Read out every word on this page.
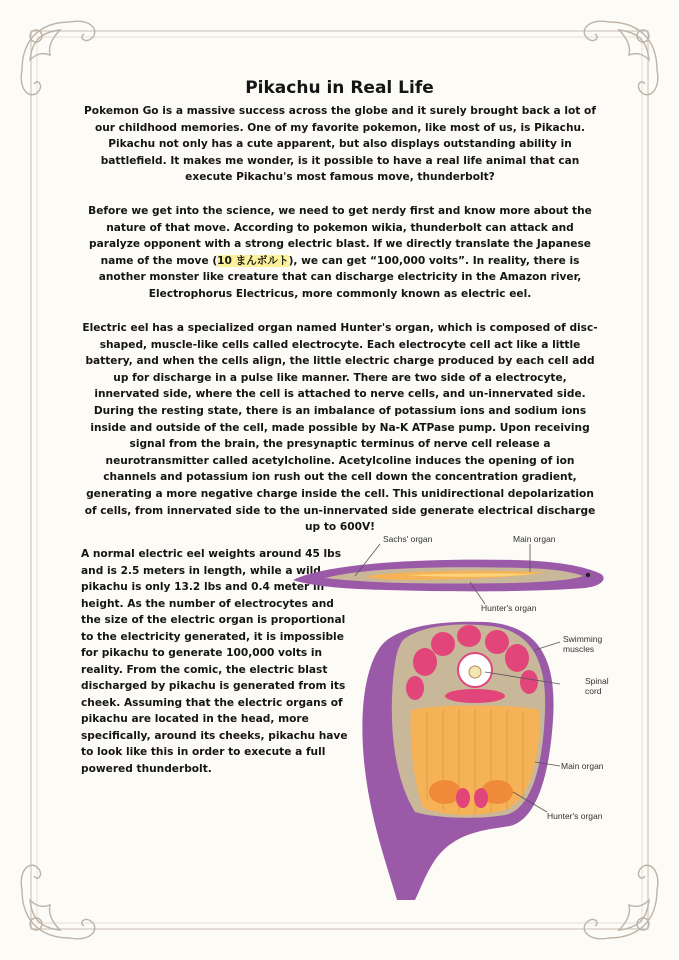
Pikachu in Real Life

Pokemon Go is a massive success across the globe and it surely brought back a lot of our childhood memories. One of my favorite pokemon, like most of us, is Pikachu. Pikachu not only has a cute apparent, but also displays outstanding ability in battlefield. It makes me wonder, is it possible to have a real life animal that can execute Pikachu's most famous move, thunderbolt?

Before we get into the science, we need to get nerdy first and know more about the nature of that move. According to pokemon wikia, thunderbolt can attack and paralyze opponent with a strong electric blast. If we directly translate the Japanese name of the move (10 まんボルト), we can get “100,000 volts”. In reality, there is another monster like creature that can discharge electricity in the Amazon river, Electrophorus Electricus, more commonly known as electric eel.

Electric eel has a specialized organ named Hunter's organ, which is composed of disc-shaped, muscle-like cells called electrocyte. Each electrocyte cell act like a little battery, and when the cells align, the little electric charge produced by each cell add up for discharge in a pulse like manner. There are two side of a electrocyte, innervated side, where the cell is attached to nerve cells, and un-innervated side. During the resting state, there is an imbalance of potassium ions and sodium ions inside and outside of the cell, made possible by Na-K ATPase pump. Upon receiving signal from the brain, the presynaptic terminus of nerve cell release a neurotransmitter called acetylcholine. Acetylcoline induces the opening of ion channels and potassium ion rush out the cell down the concentration gradient, generating a more negative charge inside the cell. This unidirectional depolarization of cells, from innervated side to the un-innervated side generate electrical discharge up to 600V!

A normal electric eel weights around 45 lbs and is 2.5 meters in length, while a wild pikachu is only 13.2 lbs and 0.4 meter in height. As the number of electrocytes and the size of the electric organ is proportional to the electricity generated, it is impossible for pikachu to generate 100,000 volts in reality. From the comic, the electric blast discharged by pikachu is generated from its cheek. Assuming that the electric organs of pikachu are located in the head, more specifically, around its cheeks, pikachu have to look like this in order to execute a full powered thunderbolt.

Sachs' organ	Main organ
Hunter's organ
Swimming
muscles
Spinal
cord
Main organ
Hunter's organ
